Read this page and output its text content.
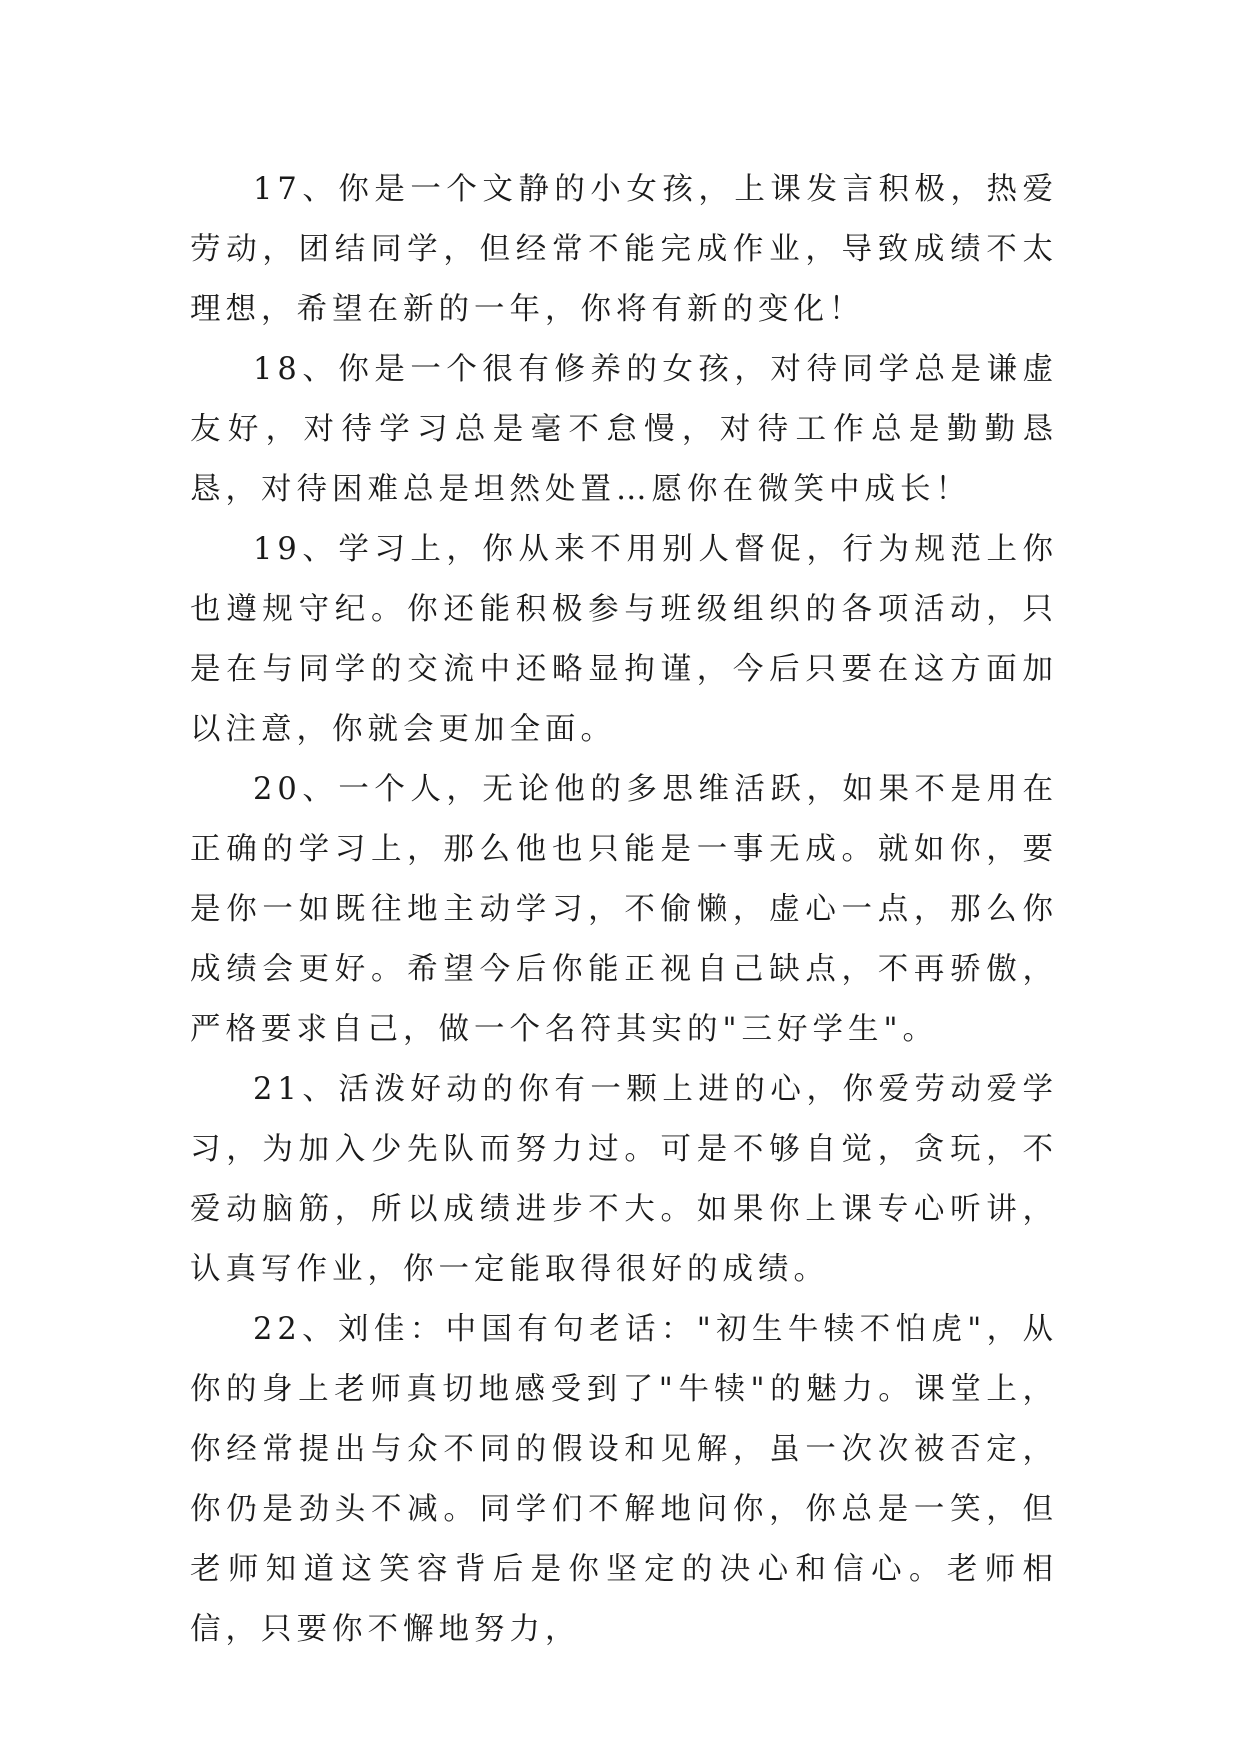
17、你是一个文静的小女孩，上课发言积极，热爱劳动，团结同学，但经常不能完成作业，导致成绩不太理想，希望在新的一年，你将有新的变化！

18、你是一个很有修养的女孩，对待同学总是谦虚友好，对待学习总是毫不怠慢，对待工作总是勤勤恳恳，对待困难总是坦然处置…愿你在微笑中成长！

19、学习上，你从来不用别人督促，行为规范上你也遵规守纪。你还能积极参与班级组织的各项活动，只是在与同学的交流中还略显拘谨，今后只要在这方面加以注意，你就会更加全面。

20、一个人，无论他的多思维活跃，如果不是用在正确的学习上，那么他也只能是一事无成。就如你，要是你一如既往地主动学习，不偷懒，虚心一点，那么你成绩会更好。希望今后你能正视自己缺点，不再骄傲，严格要求自己，做一个名符其实的"三好学生"。

21、活泼好动的你有一颗上进的心，你爱劳动爱学习，为加入少先队而努力过。可是不够自觉，贪玩，不爱动脑筋，所以成绩进步不大。如果你上课专心听讲，认真写作业，你一定能取得很好的成绩。

22、刘佳：中国有句老话："初生牛犊不怕虎"，从你的身上老师真切地感受到了"牛犊"的魅力。课堂上，你经常提出与众不同的假设和见解，虽一次次被否定，你仍是劲头不减。同学们不解地问你，你总是一笑，但老师知道这笑容背后是你坚定的决心和信心。老师相信，只要你不懈地努力，
